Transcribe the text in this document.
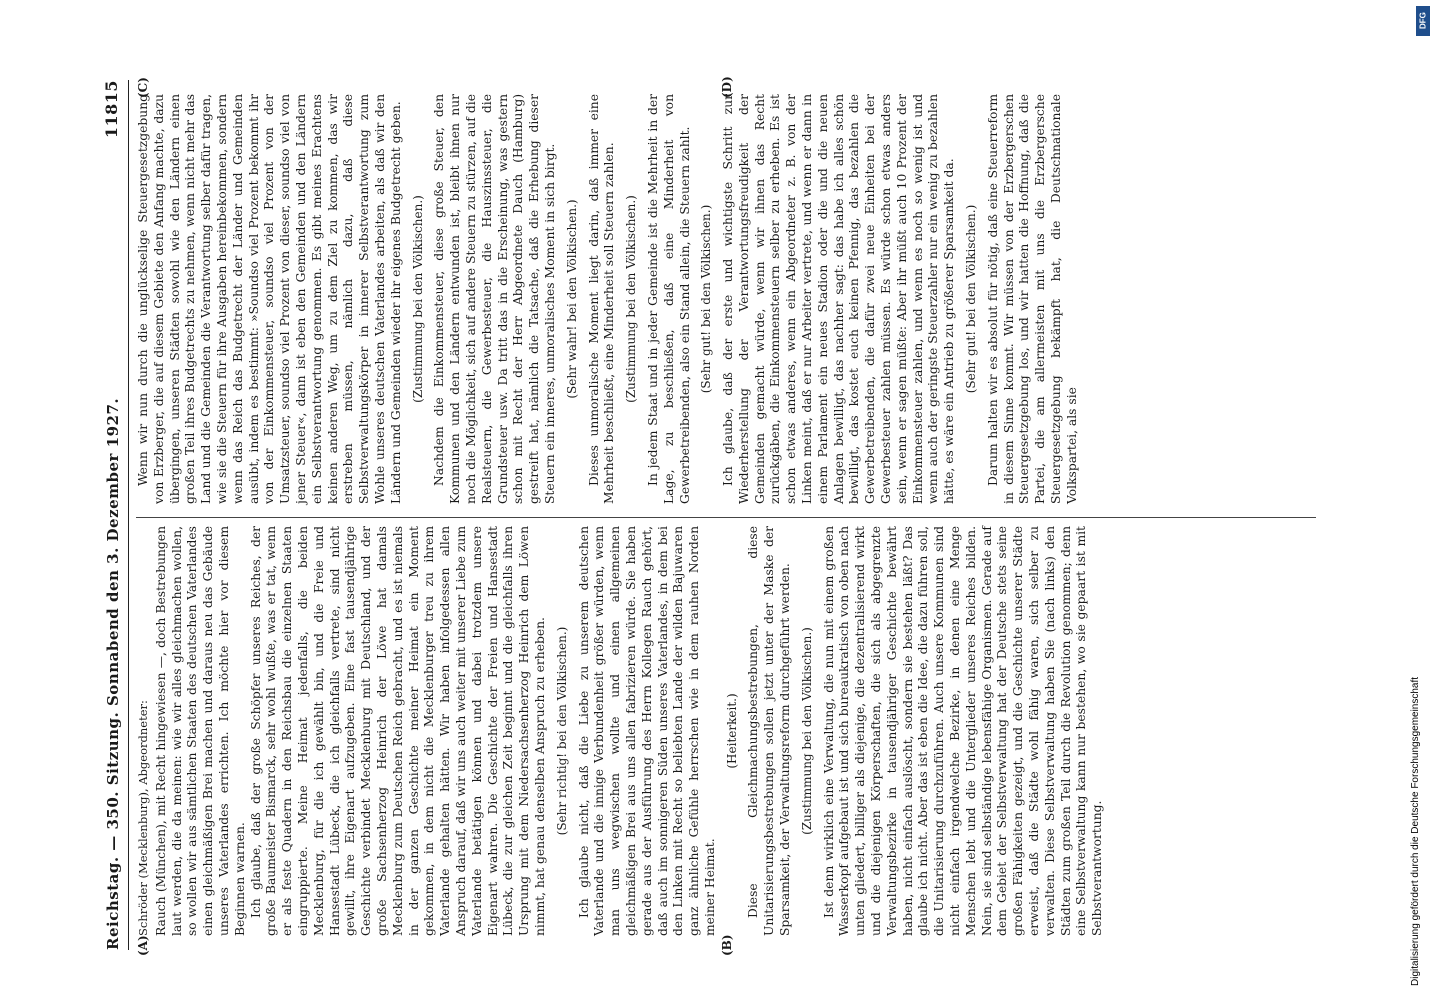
Reichstag. — 350. Sitzung. Sonnabend den 3. Dezember 1927.
11815
(A)	(B)
(C)	(D)
Schröder (Mecklenburg), Abgeordneter: Rauch (München), mit Recht hingewiesen —, doch Bestrebungen laut werden, die da meinen: wie wir alles gleichmachen wollen, so wollen wir aus sämtlichen Staaten des deutschen Vaterlandes einen gleichmäßigen Brei machen und daraus neu das Gebäude unseres Vaterlandes errichten. Ich möchte hier vor diesem Beginnen warnen. Ich glaube, daß der große Schöpfer unseres Reiches, der große Baumeister Bismarck, sehr wohl wußte, was er tat, wenn er als feste Quadern in den Reichsbau die einzelnen Staaten eingruppierte. Meine Heimat jedenfalls, die beiden Mecklenburg, für die ich gewählt bin, und die Freie und Hansestadt Lübeck, die ich gleichfalls vertrete, sind nicht gewillt, ihre Eigenart aufzugeben. Eine fast tausendjährige Geschichte verbindet Mecklenburg mit Deutschland, und der große Sachsenherzog Heinrich der Löwe hat damals Mecklenburg zum Deutschen Reich gebracht, und es ist niemals in der ganzen Geschichte meiner Heimat ein Moment gekommen, in dem nicht die Mecklenburger treu zu ihrem Vaterlande gehalten hätten. Wir haben infolgedessen allen Anspruch darauf, daß wir uns auch weiter mit unserer Liebe zum Vaterlande betätigen können und dabei trotzdem unsere Eigenart wahren. Die Geschichte der Freien und Hansestadt Lübeck, die zur gleichen Zeit beginnt und die gleichfalls ihren Ursprung mit dem Niedersachsenherzog Heinrich dem Löwen nimmt, hat genau denselben Anspruch zu erheben. (Sehr richtig! bei den Völkischen.) Ich glaube nicht, daß die Liebe zu unserem deutschen Vaterlande und die innige Verbundenheit größer würden, wenn man uns wegwischen wollte und einen allgemeinen gleichmäßigen Brei aus uns allen fabrizieren würde. Sie haben gerade aus der Ausführung des Herrn Kollegen Rauch gehört, daß auch im sonnigeren Süden unseres Vaterlandes, in dem bei den Linken mit Recht so beliebten Lande der wilden Bajuwaren ganz ähnliche Gefühle herrschen wie in dem rauhen Norden meiner Heimat.

(Heiterkeit.) Diese Gleichmachungsbestrebungen, diese Unitarisierungsbestrebungen sollen jetzt unter der Maske der Sparsamkeit, der Verwaltungsreform durchgeführt werden. (Zustimmung bei den Völkischen.) Ist denn wirklich eine Verwaltung, die nun mit einem großen Wasserkopf aufgebaut ist und sich bureaukratisch von oben nach unten gliedert, billiger als diejenige, die dezentralisierend wirkt und die diejenigen Körperschaften, die sich als abgegrenzte Verwaltungsbezirke in tausendjähriger Geschichte bewährt haben, nicht einfach auslöscht, sondern sie bestehen läßt? Das glaube ich nicht. Aber das ist eben die Idee, die dazu führen soll, die Unitarisierung durchzuführen. Auch unsere Kommunen sind nicht einfach irgendwelche Bezirke, in denen eine Menge Menschen lebt und die Unterglieder unseres Reiches bilden. Nein, sie sind selbständige lebensfähige Organismen. Gerade auf dem Gebiet der Selbstverwaltung hat der Deutsche stets seine großen Fähigkeiten gezeigt, und die Geschichte unserer Städte erweist, daß die Städte wohl fähig waren, sich selber zu verwalten. Diese Selbstverwaltung haben Sie (nach links) den Städten zum großen Teil durch die Revolution genommen; denn eine Selbstverwaltung kann nur bestehen, wo sie gepaart ist mit Selbstverantwortung.

Wenn wir nun durch die unglückselige Steuergesetzgebung von Erzberger, die auf diesem Gebiete den Anfang machte, dazu übergingen, unseren Städten sowohl wie den Ländern einen großen Teil ihres Budgetrechts zu nehmen, wenn nicht mehr das Land und die Gemeinden die Verantwortung selber dafür tragen, wie sie die Steuern für ihre Ausgaben hereinbekommen, sondern wenn das Reich das Budgetrecht der Länder und Gemeinden ausübt, indem es bestimmt: »Soundso viel Prozent bekommt ihr von der Einkommensteuer, soundso viel Prozent von der Umsatzsteuer, soundso viel Prozent von dieser, soundso viel von jener Steuer«, dann ist eben den Gemeinden und den Ländern ein Selbstverantwortung genommen. Es gibt meines Erachtens keinen anderen Weg, um zu dem Ziel zu kommen, das wir erstreben müssen, nämlich dazu, daß diese Selbstverwaltungskörper in innerer Selbstverantwortung zum Wohle unseres deutschen Vaterlandes arbeiten, als daß wir den Ländern und Gemeinden wieder ihr eigenes Budgetrecht geben. (Zustimmung bei den Völkischen.) Nachdem die Einkommensteuer, diese große Steuer, den Kommunen und den Ländern entwunden ist, bleibt ihnen nur noch die Möglichkeit, sich auf andere Steuern zu stürzen, auf die Realsteuern, die Gewerbesteuer, die Hauszinssteuer, die Grundsteuer usw. Da tritt das in die Erscheinung, was gestern schon mit Recht der Herr Abgeordnete Dauch (Hamburg) gestreift hat, nämlich die Tatsache, daß die Erhebung dieser Steuern ein inneres, unmoralisches Moment in sich birgt. (Sehr wahr! bei den Völkischen.) Dieses unmoralische Moment liegt darin, daß immer eine Mehrheit beschließt, eine Minderheit soll Steuern zahlen. (Zustimmung bei den Völkischen.) In jedem Staat und in jeder Gemeinde ist die Mehrheit in der Lage, zu beschließen, daß eine Minderheit von Gewerbetreibenden, also ein Stand allein, die Steuern zahlt. (Sehr gut! bei den Völkischen.) Ich glaube, daß der erste und wichtigste Schritt zur Wiederherstellung der Verantwortungsfreudigkeit der Gemeinden gemacht würde, wenn wir ihnen das Recht zurückgäben, die Einkommensteuern selber zu erheben. Es ist schon etwas anderes, wenn ein Abgeordneter z. B. von der Linken meint, daß er nur Arbeiter vertrete, und wenn er dann in einem Parlament ein neues Stadion oder die und die neuen Anlagen bewilligt, das nachher sagt: das habe ich alles schön bewilligt, das kostet euch keinen Pfennig, das bezahlen die Gewerbetreibenden, die dafür zwei neue Einheiten bei der Gewerbesteuer zahlen müssen. Es würde schon etwas anders sein, wenn er sagen müßte: Aber ihr müßt auch 10 Prozent der Einkommensteuer zahlen, und wenn es noch so wenig ist und wenn auch der geringste Steuerzahler nur ein wenig zu bezahlen hätte, es wäre ein Antrieb zu größerer Sparsamkeit da. (Sehr gut! bei den Völkischen.) Darum halten wir es absolut für nötig, daß eine Steuerreform in diesem Sinne kommt. Wir müssen von der Erzbergerschen Steuergesetzgebung los, und wir hatten die Hoffnung, daß die Partei, die am allermeisten mit uns die Erzbergersche Steuergesetzgebung bekämpft hat, die Deutschnationale Volkspartei, als sie

Digitalisierung gefördert durch die Deutsche Forschungsgemeinschaft
DFG
